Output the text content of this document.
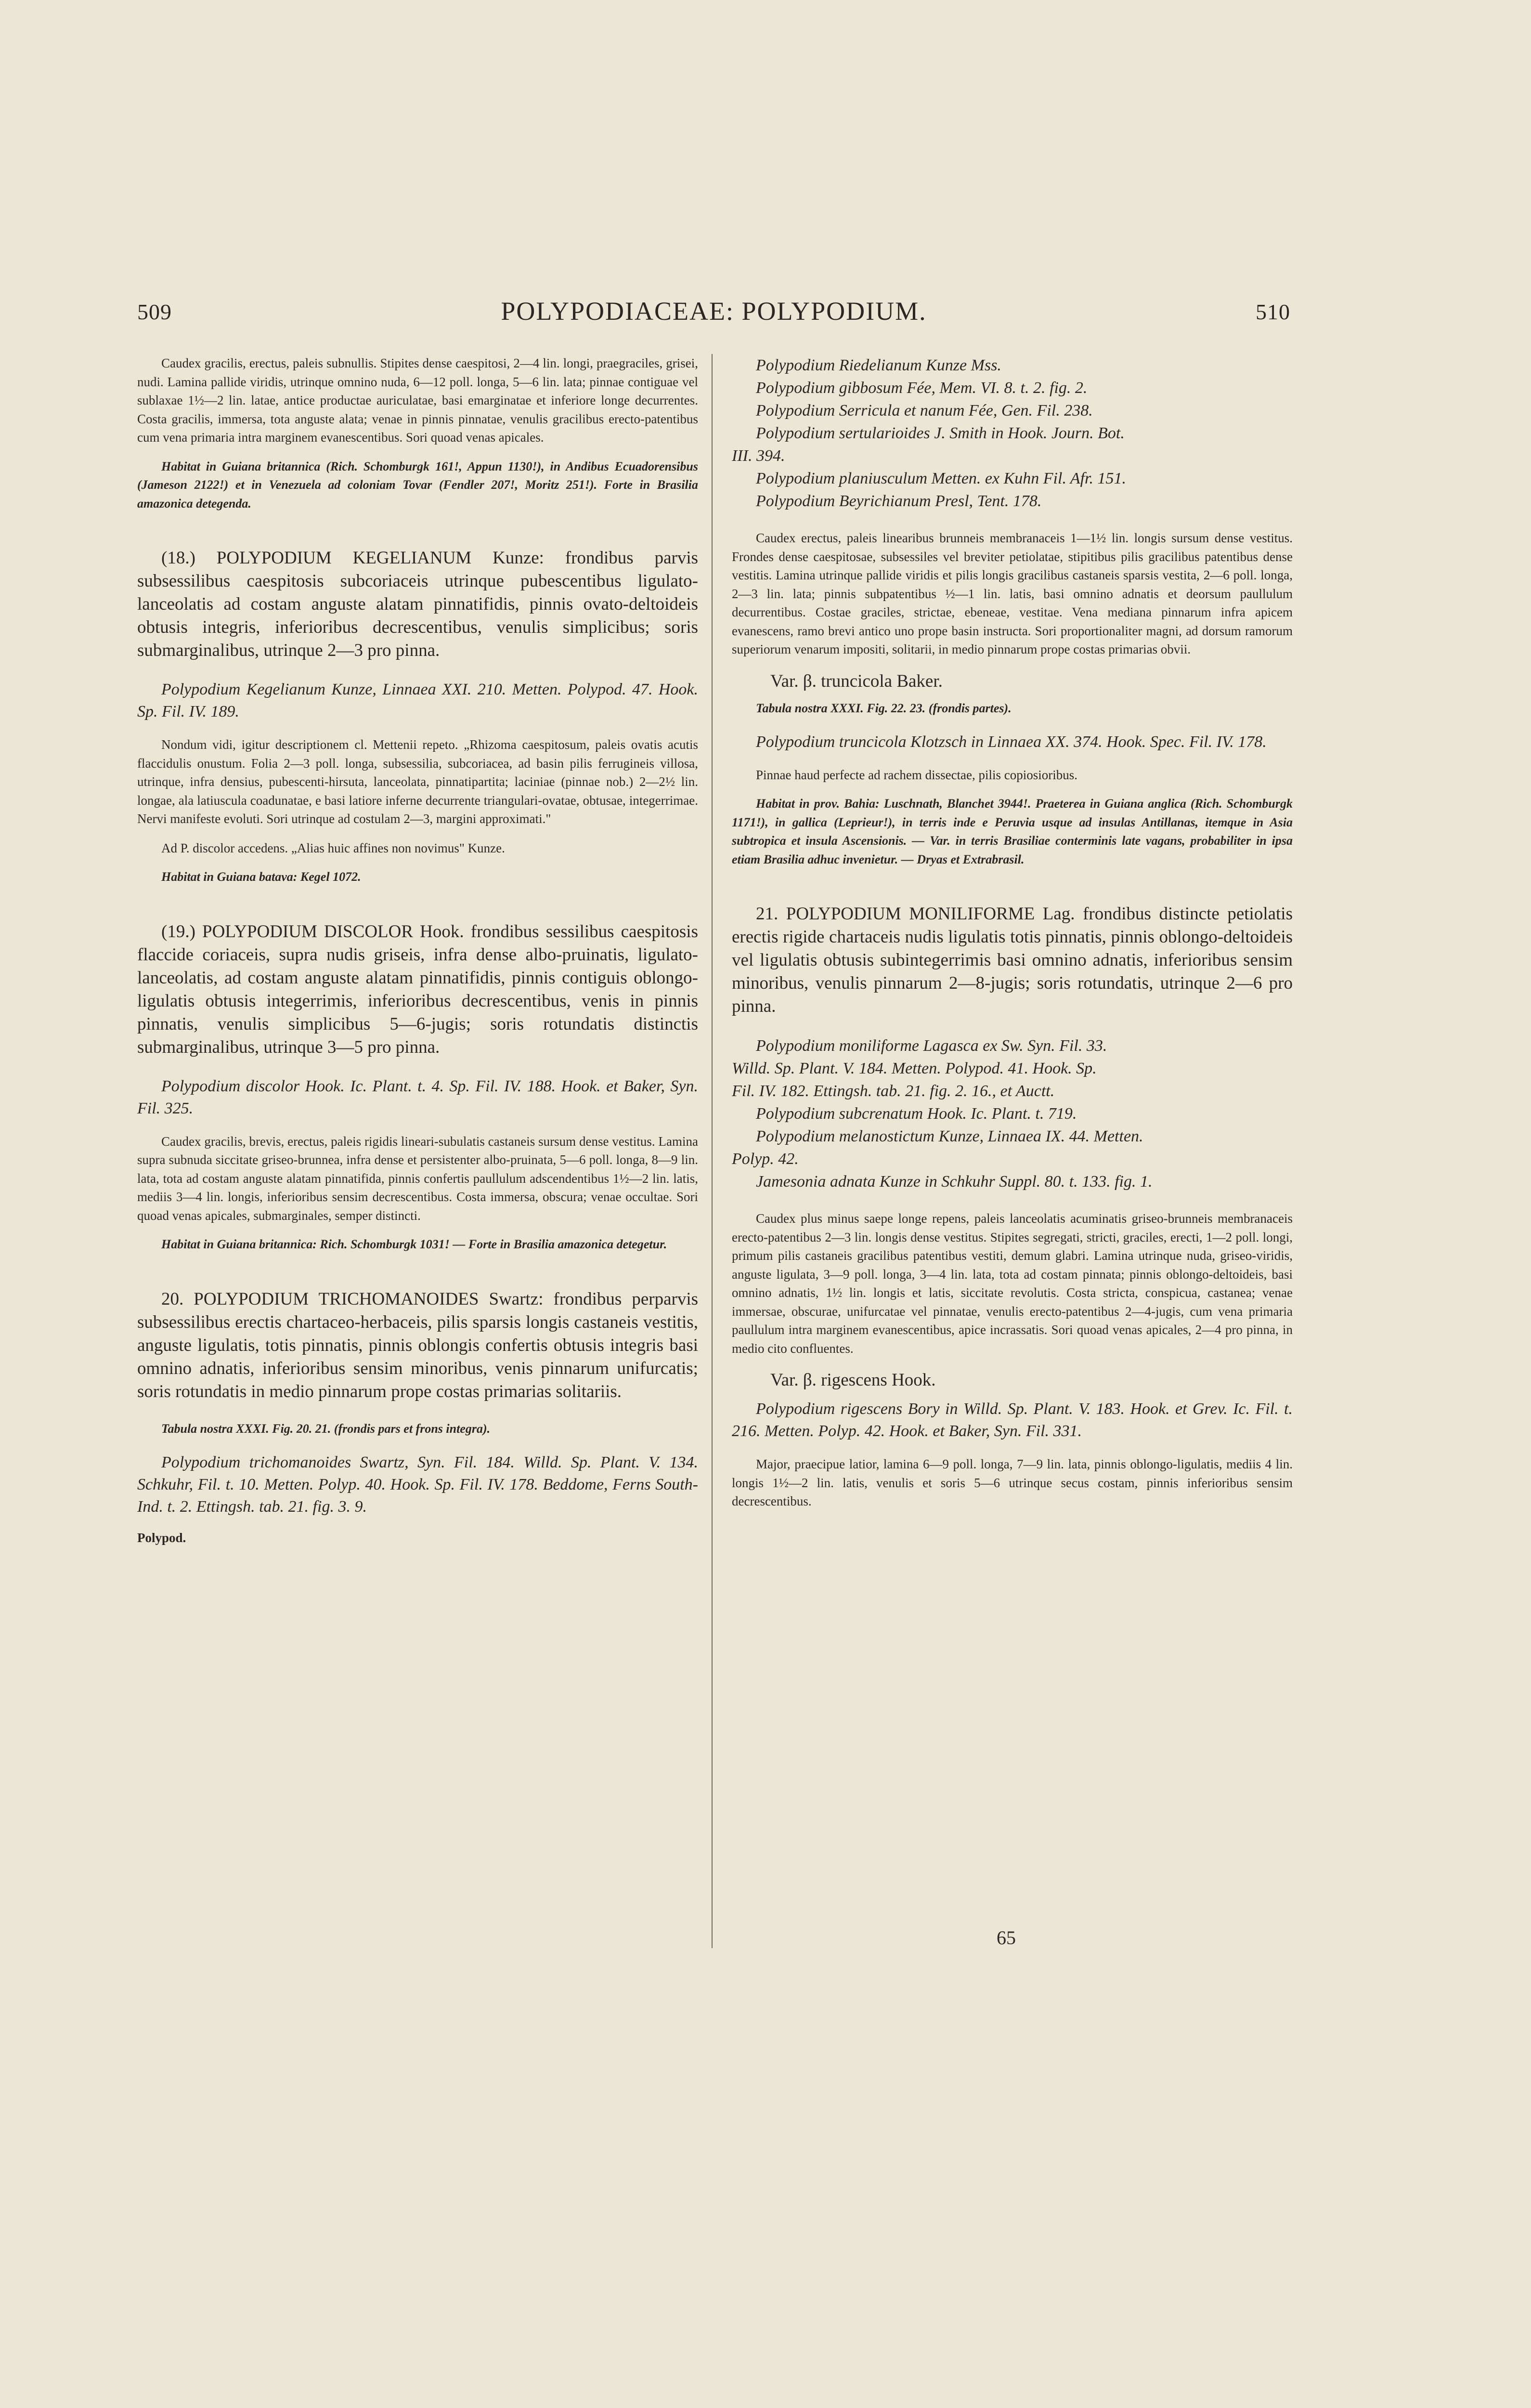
509	POLYPODIACEAE: POLYPODIUM.	510

Caudex gracilis, erectus, paleis subnullis. Stipites dense caespitosi, 2—4 lin. longi, praegraciles, grisei, nudi. Lamina pallide viridis, utrinque omnino nuda, 6—12 poll. longa, 5—6 lin. lata; pinnae contiguae vel sublaxae 1½—2 lin. latae, antice productae auriculatae, basi emarginatae et inferiore longe decurrentes. Costa gracilis, immersa, tota anguste alata; venae in pinnis pinnatae, venulis gracilibus erecto-patentibus cum vena primaria intra marginem evanescentibus. Sori quoad venas apicales.

Habitat in Guiana britannica (Rich. Schomburgk 161!, Appun 1130!), in Andibus Ecuadorensibus (Jameson 2122!) et in Venezuela ad coloniam Tovar (Fendler 207!, Moritz 251!). Forte in Brasilia amazonica detegenda.

(18.) POLYPODIUM KEGELIANUM Kunze: frondibus parvis subsessilibus caespitosis subcoriaceis utrinque pubescentibus ligulato-lanceolatis ad costam anguste alatam pinnatifidis, pinnis ovato-deltoideis obtusis integris, inferioribus decrescentibus, venulis simplicibus; soris submarginalibus, utrinque 2—3 pro pinna.

Polypodium Kegelianum Kunze, Linnaea XXI. 210. Metten. Polypod. 47. Hook. Sp. Fil. IV. 189.

Nondum vidi, igitur descriptionem cl. Mettenii repeto. „Rhizoma caespitosum, paleis ovatis acutis flaccidulis onustum. Folia 2—3 poll. longa, subsessilia, subcoriacea, ad basin pilis ferrugineis villosa, utrinque, infra densius, pubescenti-hirsuta, lanceolata, pinnatipartita; laciniae (pinnae nob.) 2—2½ lin. longae, ala latiuscula coadunatae, e basi latiore inferne decurrente triangulari-ovatae, obtusae, integerrimae. Nervi manifeste evoluti. Sori utrinque ad costulam 2—3, margini approximati."

Ad P. discolor accedens. „Alias huic affines non novimus" Kunze.

Habitat in Guiana batava: Kegel 1072.

(19.) POLYPODIUM DISCOLOR Hook. frondibus sessilibus caespitosis flaccide coriaceis, supra nudis griseis, infra dense albo-pruinatis, ligulato-lanceolatis, ad costam anguste alatam pinnatifidis, pinnis contiguis oblongo-ligulatis obtusis integerrimis, inferioribus decrescentibus, venis in pinnis pinnatis, venulis simplicibus 5—6-jugis; soris rotundatis distinctis submarginalibus, utrinque 3—5 pro pinna.

Polypodium discolor Hook. Ic. Plant. t. 4. Sp. Fil. IV. 188. Hook. et Baker, Syn. Fil. 325.

Caudex gracilis, brevis, erectus, paleis rigidis lineari-subulatis castaneis sursum dense vestitus. Lamina supra subnuda siccitate griseo-brunnea, infra dense et persistenter albo-pruinata, 5—6 poll. longa, 8—9 lin. lata, tota ad costam anguste alatam pinnatifida, pinnis confertis paullulum adscendentibus 1½—2 lin. latis, mediis 3—4 lin. longis, inferioribus sensim decrescentibus. Costa immersa, obscura; venae occultae. Sori quoad venas apicales, submarginales, semper distincti.

Habitat in Guiana britannica: Rich. Schomburgk 1031! — Forte in Brasilia amazonica detegetur.

20. POLYPODIUM TRICHOMANOIDES Swartz: frondibus perparvis subsessilibus erectis chartaceo-herbaceis, pilis sparsis longis castaneis vestitis, anguste ligulatis, totis pinnatis, pinnis oblongis confertis obtusis integris basi omnino adnatis, inferioribus sensim minoribus, venis pinnarum unifurcatis; soris rotundatis in medio pinnarum prope costas primarias solitariis.

Tabula nostra XXXI. Fig. 20. 21. (frondis pars et frons integra).

Polypodium trichomanoides Swartz, Syn. Fil. 184. Willd. Sp. Plant. V. 134. Schkuhr, Fil. t. 10. Metten. Polyp. 40. Hook. Sp. Fil. IV. 178. Beddome, Ferns South-Ind. t. 2. Ettingsh. tab. 21. fig. 3. 9.

Polypod.
Polypodium Riedelianum Kunze Mss.
Polypodium gibbosum Fée, Mem. VI. 8. t. 2. fig. 2.
Polypodium Serricula et nanum Fée, Gen. Fil. 238.
Polypodium sertularioides J. Smith in Hook. Journ. Bot.
III. 394.
Polypodium planiusculum Metten. ex Kuhn Fil. Afr. 151.
Polypodium Beyrichianum Presl, Tent. 178.

Caudex erectus, paleis linearibus brunneis membranaceis 1—1½ lin. longis sursum dense vestitus. Frondes dense caespitosae, subsessiles vel breviter petiolatae, stipitibus pilis gracilibus patentibus dense vestitis. Lamina utrinque pallide viridis et pilis longis gracilibus castaneis sparsis vestita, 2—6 poll. longa, 2—3 lin. lata; pinnis subpatentibus ½—1 lin. latis, basi omnino adnatis et deorsum paullulum decurrentibus. Costae graciles, strictae, ebeneae, vestitae. Vena mediana pinnarum infra apicem evanescens, ramo brevi antico uno prope basin instructa. Sori proportionaliter magni, ad dorsum ramorum superiorum venarum impositi, solitarii, in medio pinnarum prope costas primarias obvii.

Var. β. truncicola Baker.

Tabula nostra XXXI. Fig. 22. 23. (frondis partes).

Polypodium truncicola Klotzsch in Linnaea XX. 374. Hook. Spec. Fil. IV. 178.

Pinnae haud perfecte ad rachem dissectae, pilis copiosioribus.

Habitat in prov. Bahia: Luschnath, Blanchet 3944!. Praeterea in Guiana anglica (Rich. Schomburgk 1171!), in gallica (Leprieur!), in terris inde e Peruvia usque ad insulas Antillanas, itemque in Asia subtropica et insula Ascensionis. — Var. in terris Brasiliae conterminis late vagans, probabiliter in ipsa etiam Brasilia adhuc invenietur. — Dryas et Extrabrasil.

21. POLYPODIUM MONILIFORME Lag. frondibus distincte petiolatis erectis rigide chartaceis nudis ligulatis totis pinnatis, pinnis oblongo-deltoideis vel ligulatis obtusis subintegerrimis basi omnino adnatis, inferioribus sensim minoribus, venulis pinnarum 2—8-jugis; soris rotundatis, utrinque 2—6 pro pinna.

Polypodium moniliforme Lagasca ex Sw. Syn. Fil. 33.
Willd. Sp. Plant. V. 184. Metten. Polypod. 41. Hook. Sp.
Fil. IV. 182. Ettingsh. tab. 21. fig. 2. 16., et Auctt.
Polypodium subcrenatum Hook. Ic. Plant. t. 719.
Polypodium melanostictum Kunze, Linnaea IX. 44. Metten.
Polyp. 42.
Jamesonia adnata Kunze in Schkuhr Suppl. 80. t. 133. fig. 1.

Caudex plus minus saepe longe repens, paleis lanceolatis acuminatis griseo-brunneis membranaceis erecto-patentibus 2—3 lin. longis dense vestitus. Stipites segregati, stricti, graciles, erecti, 1—2 poll. longi, primum pilis castaneis gracilibus patentibus vestiti, demum glabri. Lamina utrinque nuda, griseo-viridis, anguste ligulata, 3—9 poll. longa, 3—4 lin. lata, tota ad costam pinnata; pinnis oblongo-deltoideis, basi omnino adnatis, 1½ lin. longis et latis, siccitate revolutis. Costa stricta, conspicua, castanea; venae immersae, obscurae, unifurcatae vel pinnatae, venulis erecto-patentibus 2—4-jugis, cum vena primaria paullulum intra marginem evanescentibus, apice incrassatis. Sori quoad venas apicales, 2—4 pro pinna, in medio cito confluentes.

Var. β. rigescens Hook.

Polypodium rigescens Bory in Willd. Sp. Plant. V. 183. Hook. et Grev. Ic. Fil. t. 216. Metten. Polyp. 42. Hook. et Baker, Syn. Fil. 331.

Major, praecipue latior, lamina 6—9 poll. longa, 7—9 lin. lata, pinnis oblongo-ligulatis, mediis 4 lin. longis 1½—2 lin. latis, venulis et soris 5—6 utrinque secus costam, pinnis inferioribus sensim decrescentibus.

65
